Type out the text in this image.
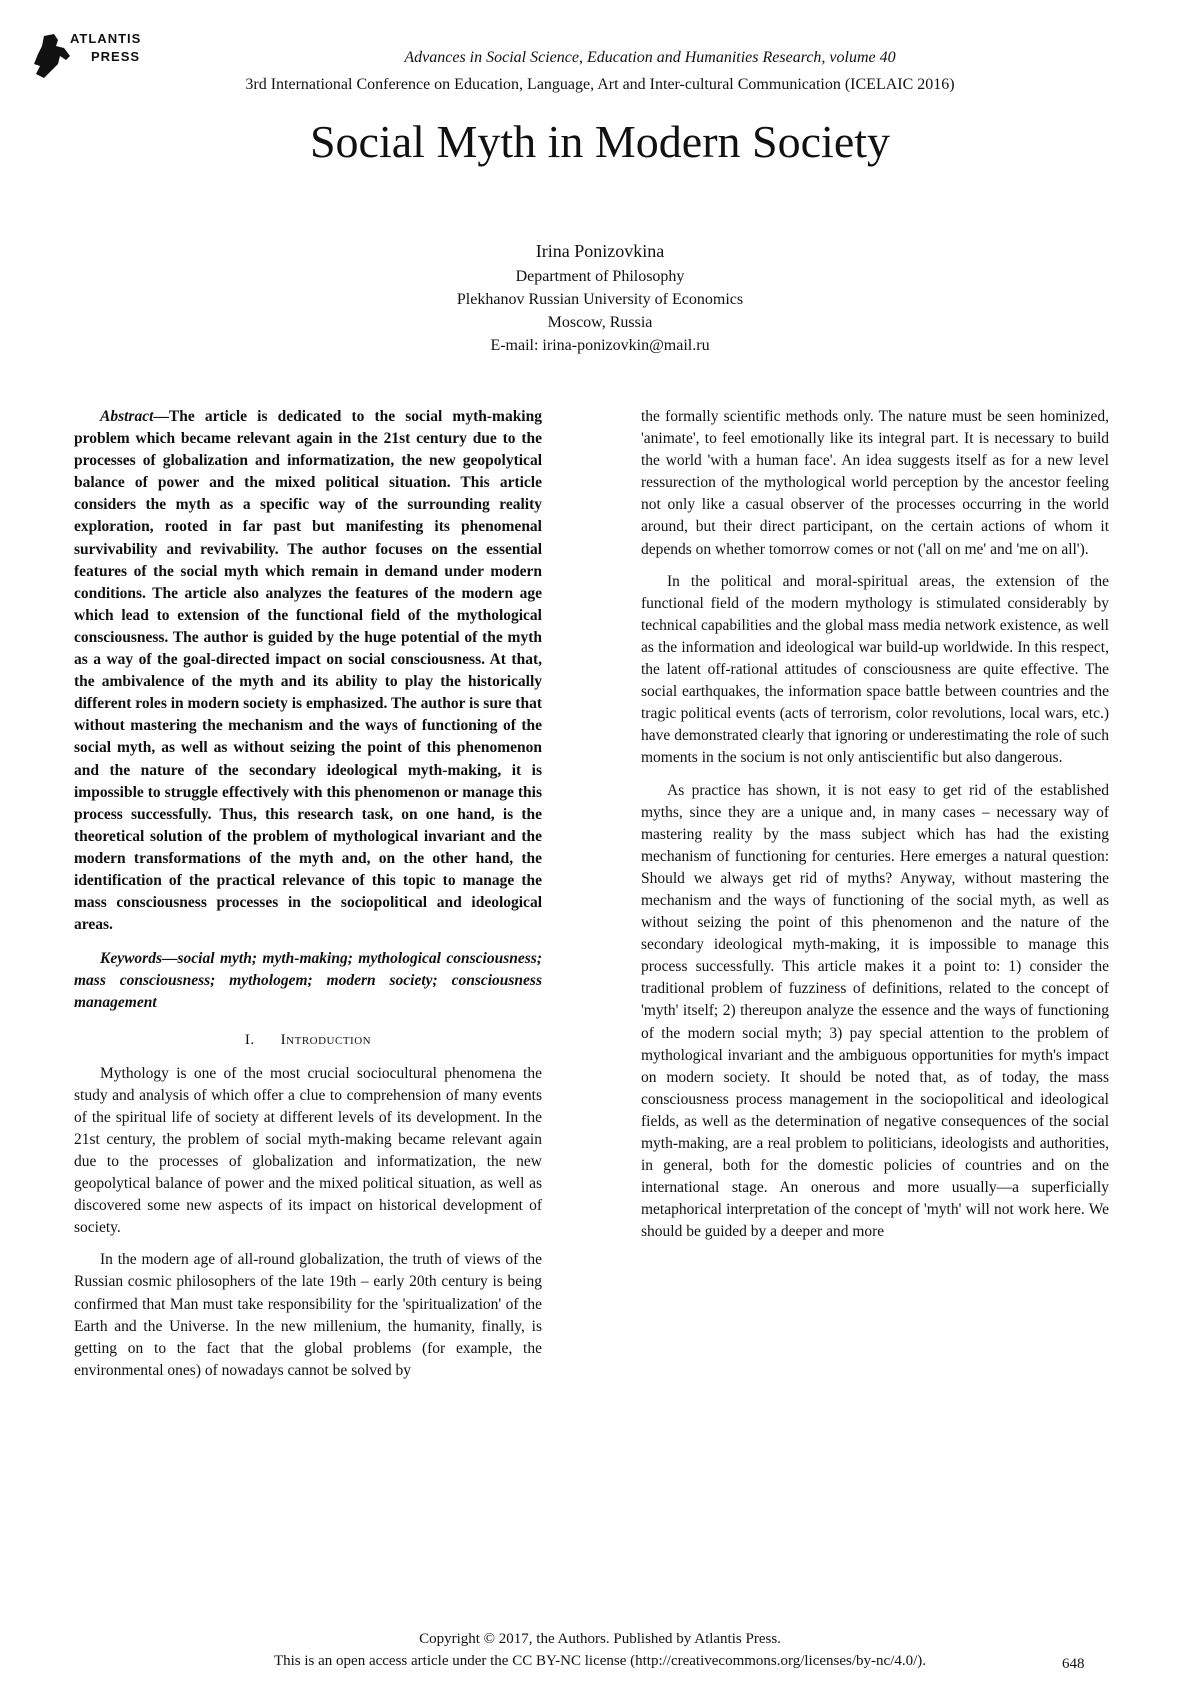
ATLANTIS
PRESS	Advances in Social Science, Education and Humanities Research, volume 40
3rd International Conference on Education, Language, Art and Inter-cultural Communication (ICELAIC 2016)
Social Myth in Modern Society
Irina Ponizovkina
Department of Philosophy
Plekhanov Russian University of Economics
Moscow, Russia
E-mail: irina-ponizovkin@mail.ru

Abstract—The article is dedicated to the social myth-making problem which became relevant again in the 21st century due to the processes of globalization and informatization, the new geopolytical balance of power and the mixed political situation. This article considers the myth as a specific way of the surrounding reality exploration, rooted in far past but manifesting its phenomenal survivability and revivability. The author focuses on the essential features of the social myth which remain in demand under modern conditions. The article also analyzes the features of the modern age which lead to extension of the functional field of the mythological consciousness. The author is guided by the huge potential of the myth as a way of the goal-directed impact on social consciousness. At that, the ambivalence of the myth and its ability to play the historically different roles in modern society is emphasized. The author is sure that without mastering the mechanism and the ways of functioning of the social myth, as well as without seizing the point of this phenomenon and the nature of the secondary ideological myth-making, it is impossible to struggle effectively with this phenomenon or manage this process successfully. Thus, this research task, on one hand, is the theoretical solution of the problem of mythological invariant and the modern transformations of the myth and, on the other hand, the identification of the practical relevance of this topic to manage the mass consciousness processes in the sociopolitical and ideological areas.

Keywords—social myth; myth-making; mythological consciousness; mass consciousness; mythologem; modern society; consciousness management

I. Introduction

Mythology is one of the most crucial sociocultural phenomena the study and analysis of which offer a clue to comprehension of many events of the spiritual life of society at different levels of its development. In the 21st century, the problem of social myth-making became relevant again due to the processes of globalization and informatization, the new geopolytical balance of power and the mixed political situation, as well as discovered some new aspects of its impact on historical development of society.

In the modern age of all-round globalization, the truth of views of the Russian cosmic philosophers of the late 19th – early 20th century is being confirmed that Man must take responsibility for the 'spiritualization' of the Earth and the Universe. In the new millenium, the humanity, finally, is getting on to the fact that the global problems (for example, the environmental ones) of nowadays cannot be solved by

the formally scientific methods only. The nature must be seen hominized, 'animate', to feel emotionally like its integral part. It is necessary to build the world 'with a human face'. An idea suggests itself as for a new level ressurection of the mythological world perception by the ancestor feeling not only like a casual observer of the processes occurring in the world around, but their direct participant, on the certain actions of whom it depends on whether tomorrow comes or not ('all on me' and 'me on all').

In the political and moral-spiritual areas, the extension of the functional field of the modern mythology is stimulated considerably by technical capabilities and the global mass media network existence, as well as the information and ideological war build-up worldwide. In this respect, the latent off-rational attitudes of consciousness are quite effective. The social earthquakes, the information space battle between countries and the tragic political events (acts of terrorism, color revolutions, local wars, etc.) have demonstrated clearly that ignoring or underestimating the role of such moments in the socium is not only antiscientific but also dangerous.

As practice has shown, it is not easy to get rid of the established myths, since they are a unique and, in many cases – necessary way of mastering reality by the mass subject which has had the existing mechanism of functioning for centuries. Here emerges a natural question: Should we always get rid of myths? Anyway, without mastering the mechanism and the ways of functioning of the social myth, as well as without seizing the point of this phenomenon and the nature of the secondary ideological myth-making, it is impossible to manage this process successfully. This article makes it a point to: 1) consider the traditional problem of fuzziness of definitions, related to the concept of 'myth' itself; 2) thereupon analyze the essence and the ways of functioning of the modern social myth; 3) pay special attention to the problem of mythological invariant and the ambiguous opportunities for myth's impact on modern society. It should be noted that, as of today, the mass consciousness process management in the sociopolitical and ideological fields, as well as the determination of negative consequences of the social myth-making, are a real problem to politicians, ideologists and authorities, in general, both for the domestic policies of countries and on the international stage. An onerous and more usually—a superficially metaphorical interpretation of the concept of 'myth' will not work here. We should be guided by a deeper and more

Copyright © 2017, the Authors. Published by Atlantis Press.
This is an open access article under the CC BY-NC license (http://creativecommons.org/licenses/by-nc/4.0/).	648
